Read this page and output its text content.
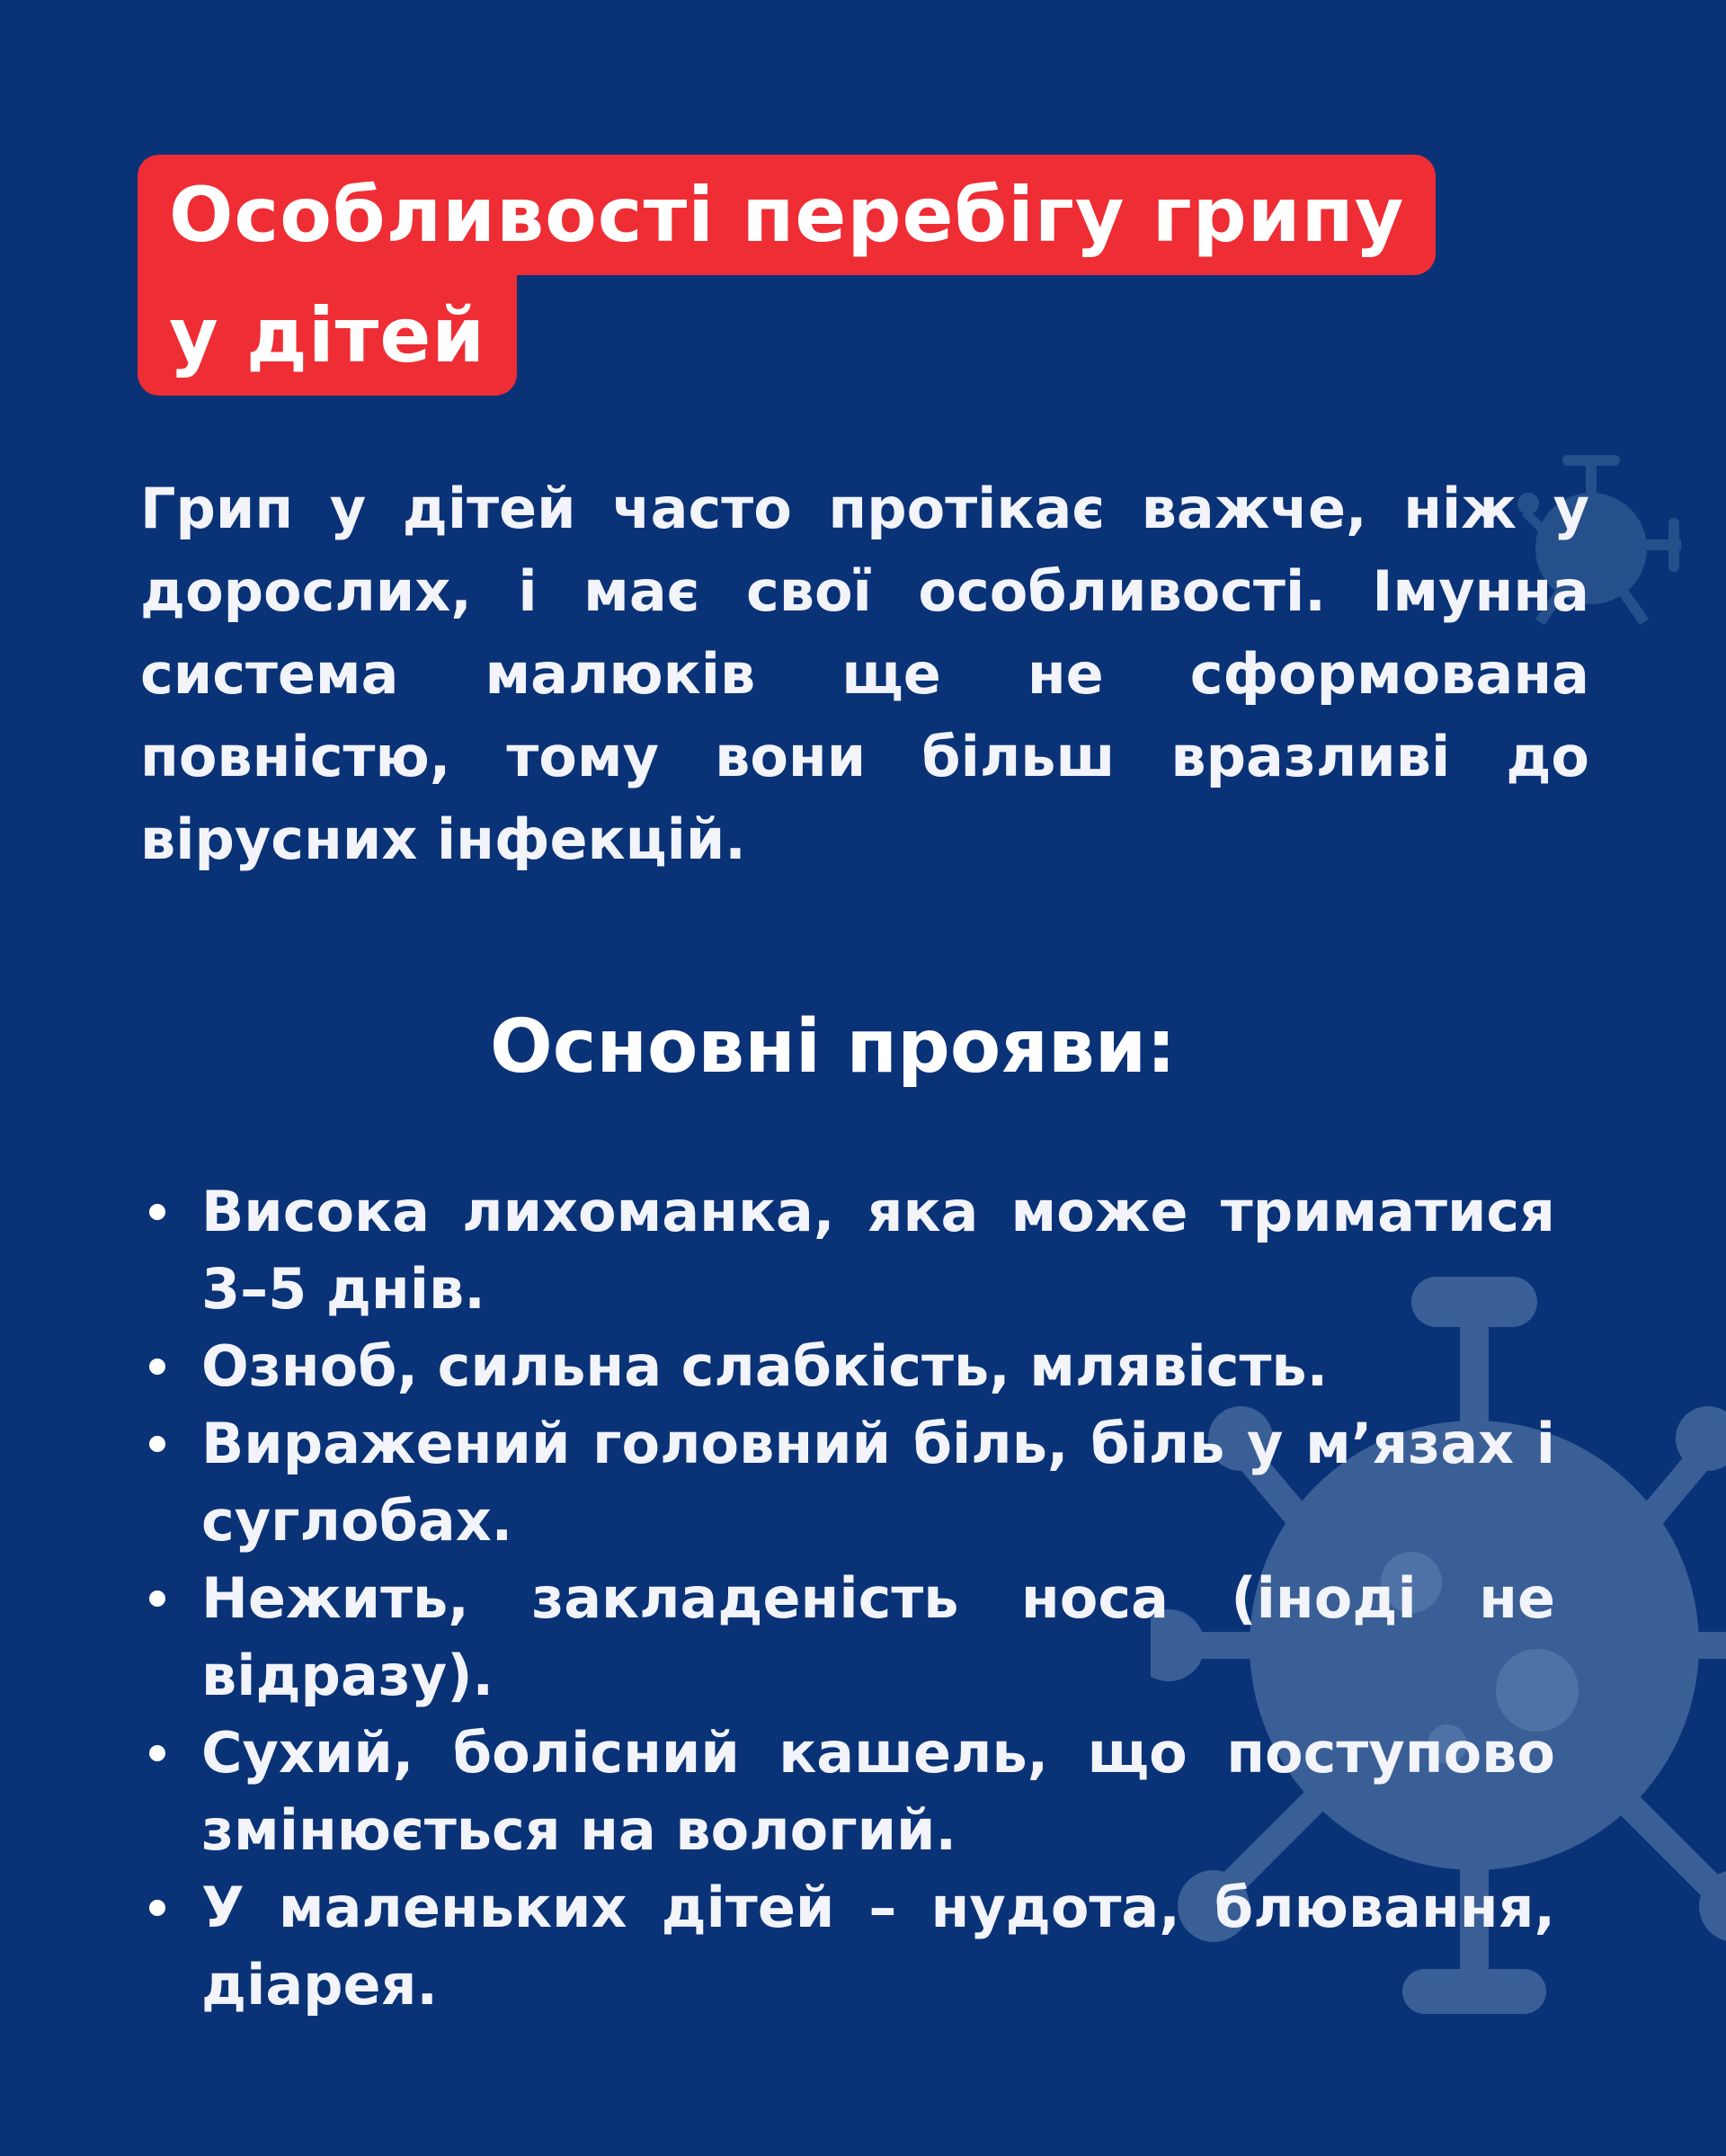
Особливості перебігу грипу
у дітей

Грип у дітей часто протікає важче, ніж у дорослих, і має свої особливості. Імунна система малюків ще не сформована повністю, тому вони більш вразливі до вірусних інфекцій.

Основні прояви:
Висока лихоманка, яка може триматися 3–5 днів.
Озноб, сильна слабкість, млявість.
Виражений головний біль, біль у м’язах і суглобах.
Нежить, закладеність носа (іноді не відразу).
Сухий, болісний кашель, що поступово змінюється на вологий.
У маленьких дітей – нудота, блювання, діарея.
